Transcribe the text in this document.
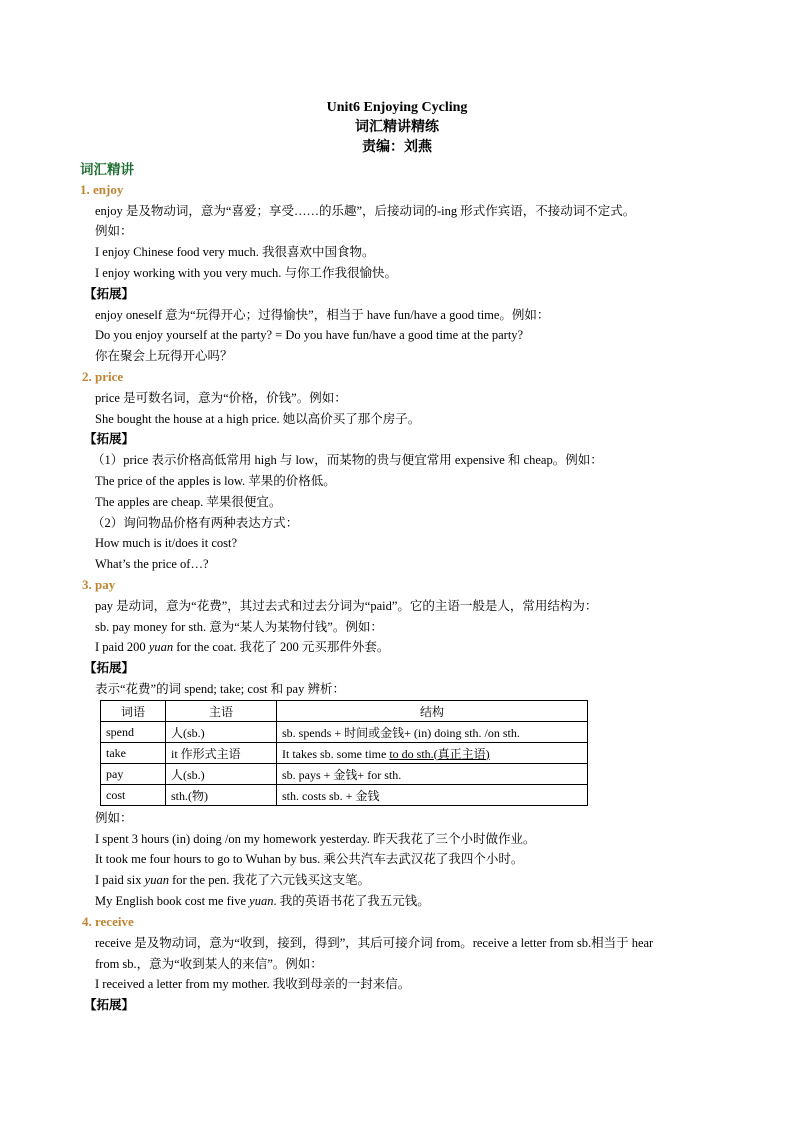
Unit6 Enjoying Cycling
词汇精讲精练
责编：刘燕
词汇精讲
1. enjoy
enjoy 是及物动词，意为“喜爱；享受……的乐趣”，后接动词的-ing 形式作宾语，不接动词不定式。
例如：
I enjoy Chinese food very much. 我很喜欢中国食物。
I enjoy working with you very much. 与你工作我很愉快。
【拓展】
enjoy oneself 意为“玩得开心；过得愉快”，相当于 have fun/have a good time。例如：
Do you enjoy yourself at the party? = Do you have fun/have a good time at the party?
你在聚会上玩得开心吗？
2. price
price 是可数名词，意为“价格，价钱”。例如：
She bought the house at a high price. 她以高价买了那个房子。
【拓展】
（1）price 表示价格高低常用 high 与 low，而某物的贵与便宜常用 expensive 和 cheap。例如：
The price of the apples is low. 苹果的价格低。
The apples are cheap. 苹果很便宜。
（2）询问物品价格有两种表达方式：
How much is it/does it cost?
What’s the price of…?
3. pay
pay 是动词，意为“花费”，其过去式和过去分词为“paid”。它的主语一般是人，常用结构为：
sb. pay money for sth. 意为“某人为某物付钱”。例如：
I paid 200 yuan for the coat. 我花了 200 元买那件外套。
【拓展】
表示“花费”的词 spend; take; cost 和 pay 辨析：
词语	主语	结构
spend	人(sb.)	sb. spends + 时间或金钱+ (in) doing sth. /on sth.
take	it 作形式主语	It takes sb. some time to do sth.(真正主语)
pay	人(sb.)	sb. pays + 金钱+ for sth.
cost	sth.(物)	sth. costs sb. + 金钱
例如：
I spent 3 hours (in) doing /on my homework yesterday. 昨天我花了三个小时做作业。
It took me four hours to go to Wuhan by bus. 乘公共汽车去武汉花了我四个小时。
I paid six yuan for the pen. 我花了六元钱买这支笔。
My English book cost me five yuan. 我的英语书花了我五元钱。
4. receive
receive 是及物动词，意为“收到，接到，得到”，其后可接介词 from。receive a letter from sb.相当于 hear
from sb.，意为“收到某人的来信”。例如：
I received a letter from my mother. 我收到母亲的一封来信。
【拓展】
